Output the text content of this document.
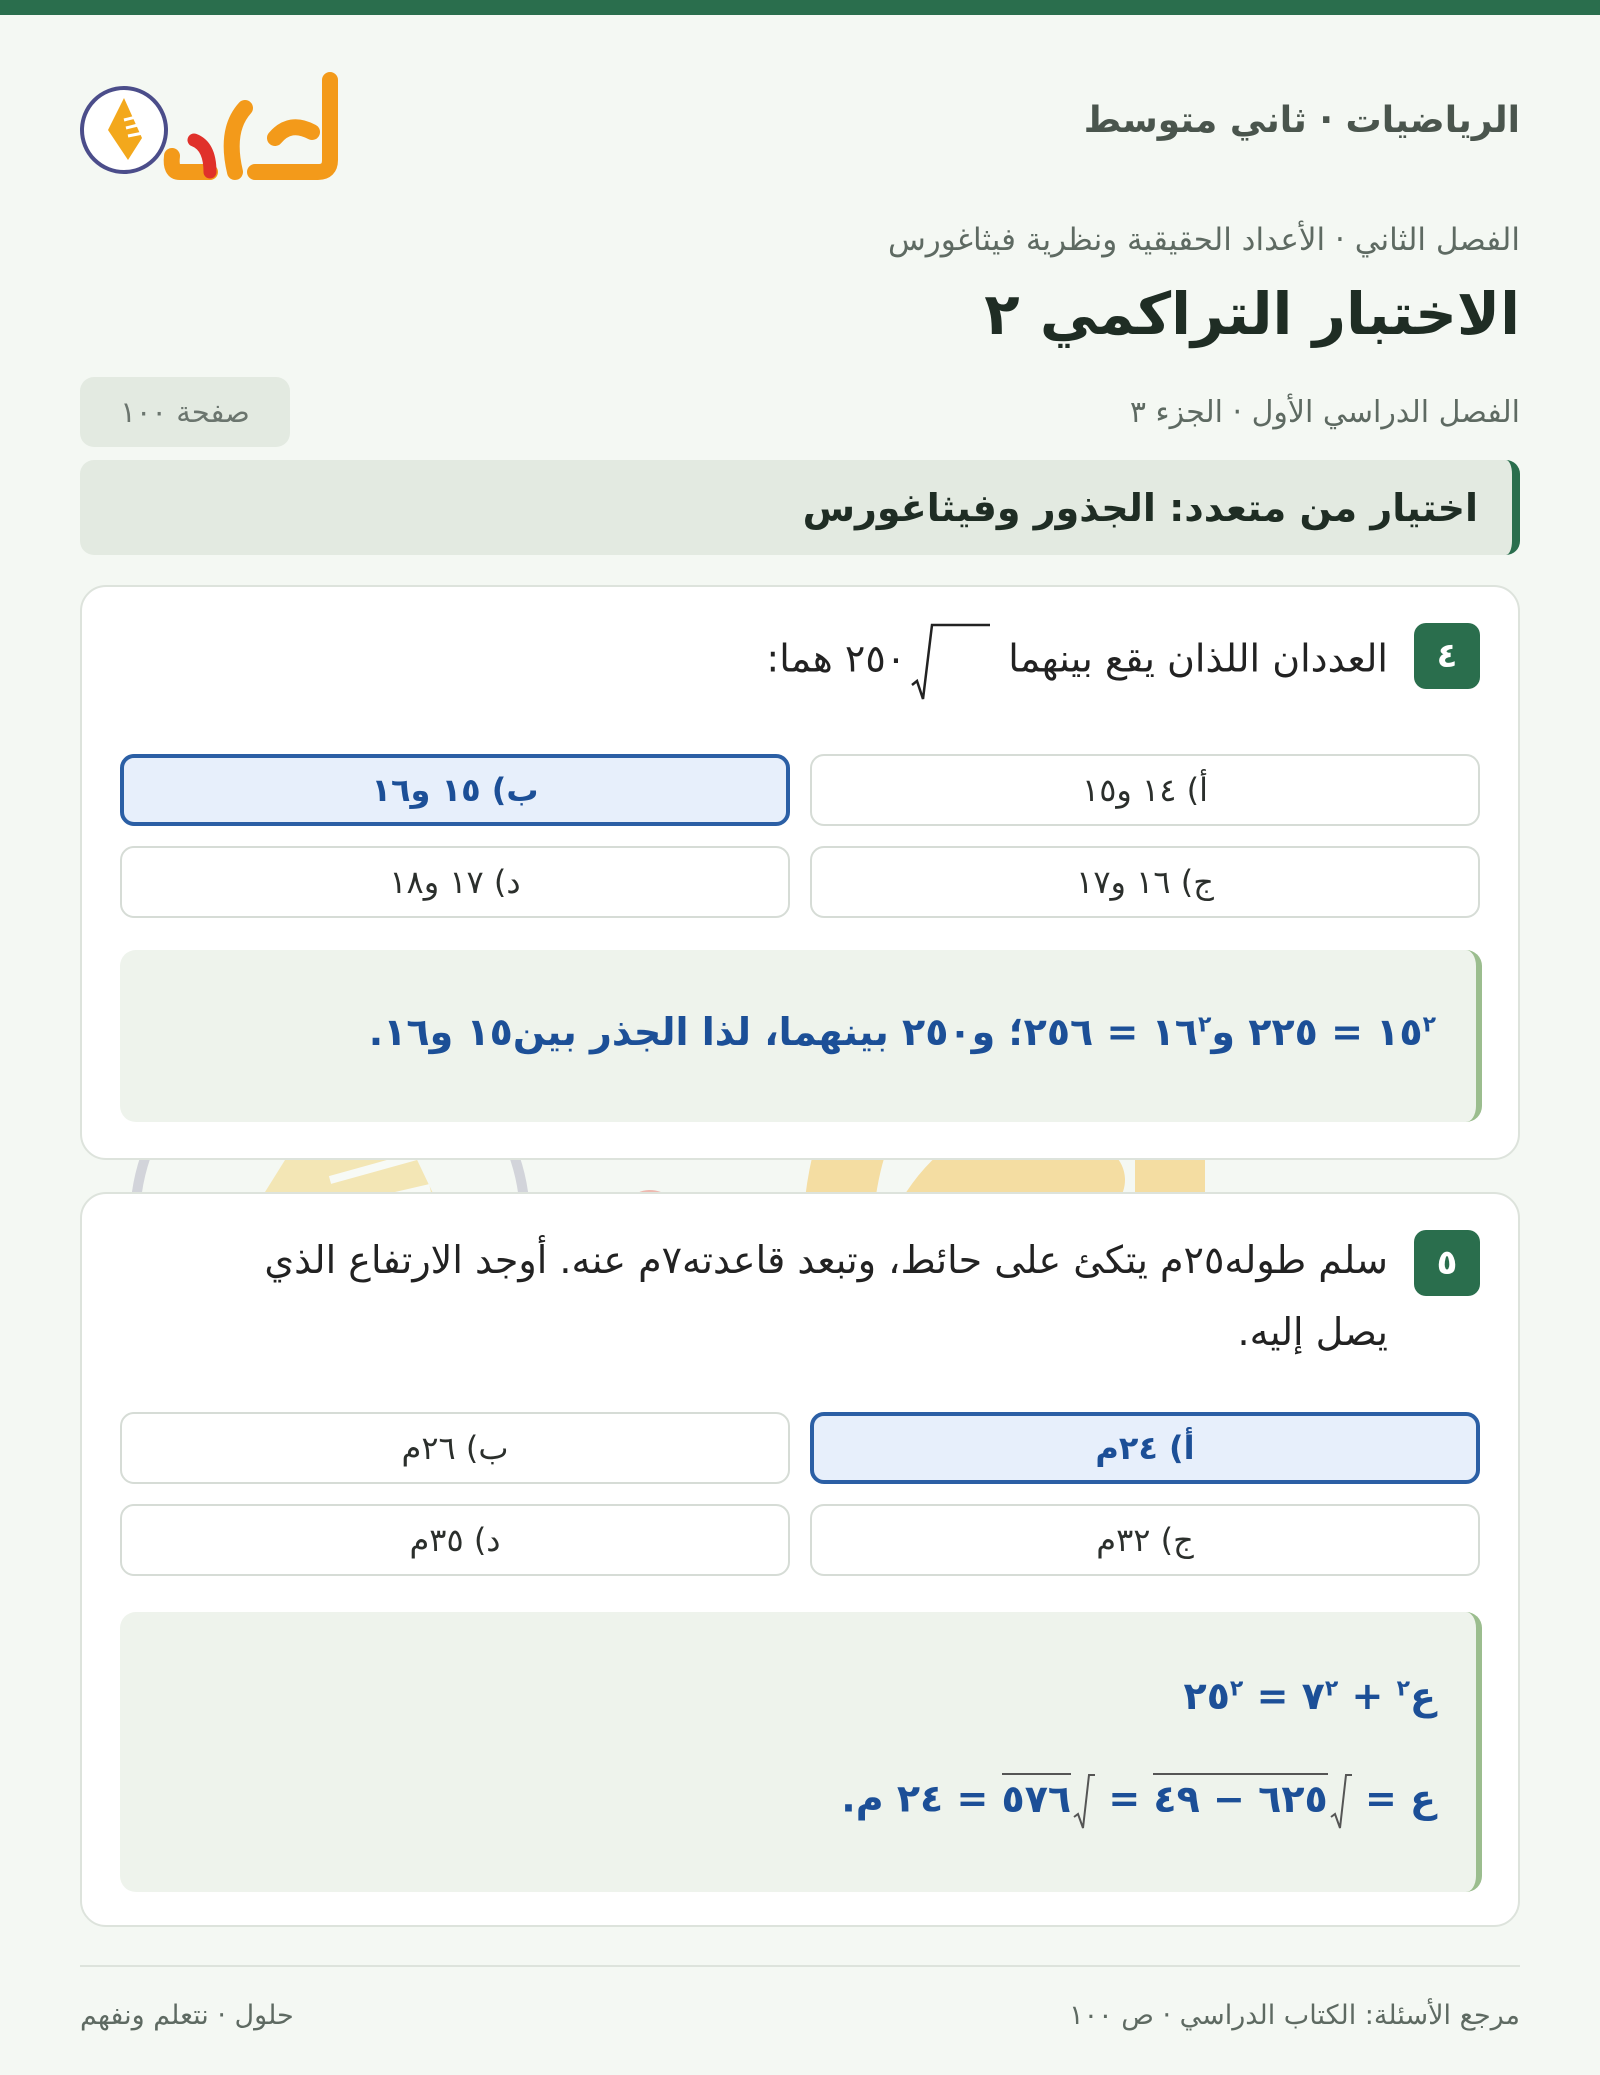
الرياضيات · ثاني متوسط
الفصل الثاني · الأعداد الحقيقية ونظرية فيثاغورس
الاختبار التراكمي ٢
الفصل الدراسي الأول · الجزء ٣
صفحة ١٠٠
اختيار من متعدد: الجذور وفيثاغورس
٤
العددان اللذان يقع بينهما ٢٥٠ هما:
أ) ١٤ و١٥
ب) ١٥ و١٦
ج) ١٦ و١٧
د) ١٧ و١٨
$١٥^٢$ = ٢٢٥ $و١٦^٢$ = ٢٥٦؛ و٢٥٠ بينهما، لذا الجذر بين١٥ و١٦.
٥
سلم طوله٢٥م يتكئ على حائط، وتبعد قاعدته٧م عنه. أوجد الارتفاع الذي يصل إليه.
أ) ٢٤م
ب) ٢٦م
ج) ٣٢م
د) ٣٥م
ع$^٢$ + $٧^٢$ = $٢٥^٢$
ع = ٦٢٥ − ٤٩ = ٥٧٦ = ٢٤ م.
مرجع الأسئلة: الكتاب الدراسي · ص ١٠٠
حلول · نتعلم ونفهم
